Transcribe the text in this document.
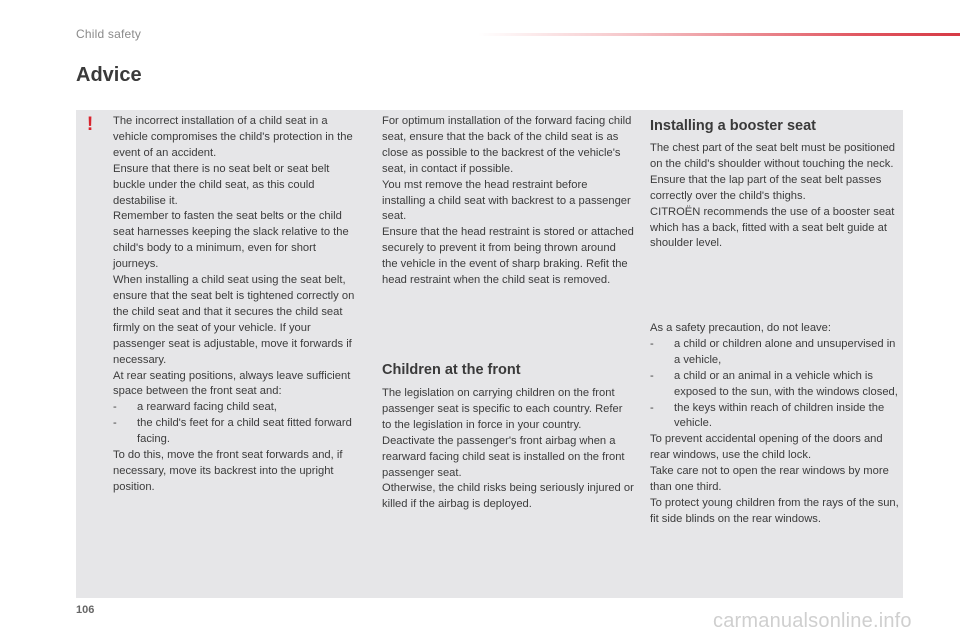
Child safety
Advice
! The incorrect installation of a child seat in a vehicle compromises the child's protection in the event of an accident.
Ensure that there is no seat belt or seat belt buckle under the child seat, as this could destabilise it.
Remember to fasten the seat belts or the child seat harnesses keeping the slack relative to the child's body to a minimum, even for short journeys.
When installing a child seat using the seat belt, ensure that the seat belt is tightened correctly on the child seat and that it secures the child seat firmly on the seat of your vehicle. If your passenger seat is adjustable, move it forwards if necessary.
At rear seating positions, always leave sufficient space between the front seat and:

- a rearward facing child seat,
- the child's feet for a child seat fitted forward facing.

To do this, move the front seat forwards and, if necessary, move its backrest into the upright position.

For optimum installation of the forward facing child seat, ensure that the back of the child seat is as close as possible to the backrest of the vehicle's seat, in contact if possible.
You mst remove the head restraint before installing a child seat with backrest to a passenger seat.
Ensure that the head restraint is stored or attached securely to prevent it from being thrown around the vehicle in the event of sharp braking. Refit the head restraint when the child seat is removed.

Children at the front

The legislation on carrying children on the front passenger seat is specific to each country. Refer to the legislation in force in your country.
Deactivate the passenger's front airbag when a rearward facing child seat is installed on the front passenger seat.
Otherwise, the child risks being seriously injured or killed if the airbag is deployed.

Installing a booster seat

The chest part of the seat belt must be positioned on the child's shoulder without touching the neck.
Ensure that the lap part of the seat belt passes correctly over the child's thighs.
CITROËN recommends the use of a booster seat which has a back, fitted with a seat belt guide at shoulder level.

As a safety precaution, do not leave:

- a child or children alone and unsupervised in a vehicle,
- a child or an animal in a vehicle which is exposed to the sun, with the windows closed,
- the keys within reach of children inside the vehicle.

To prevent accidental opening of the doors and rear windows, use the child lock.
Take care not to open the rear windows by more than one third.
To protect young children from the rays of the sun, fit side blinds on the rear windows.

106	carmanualsonline.info
